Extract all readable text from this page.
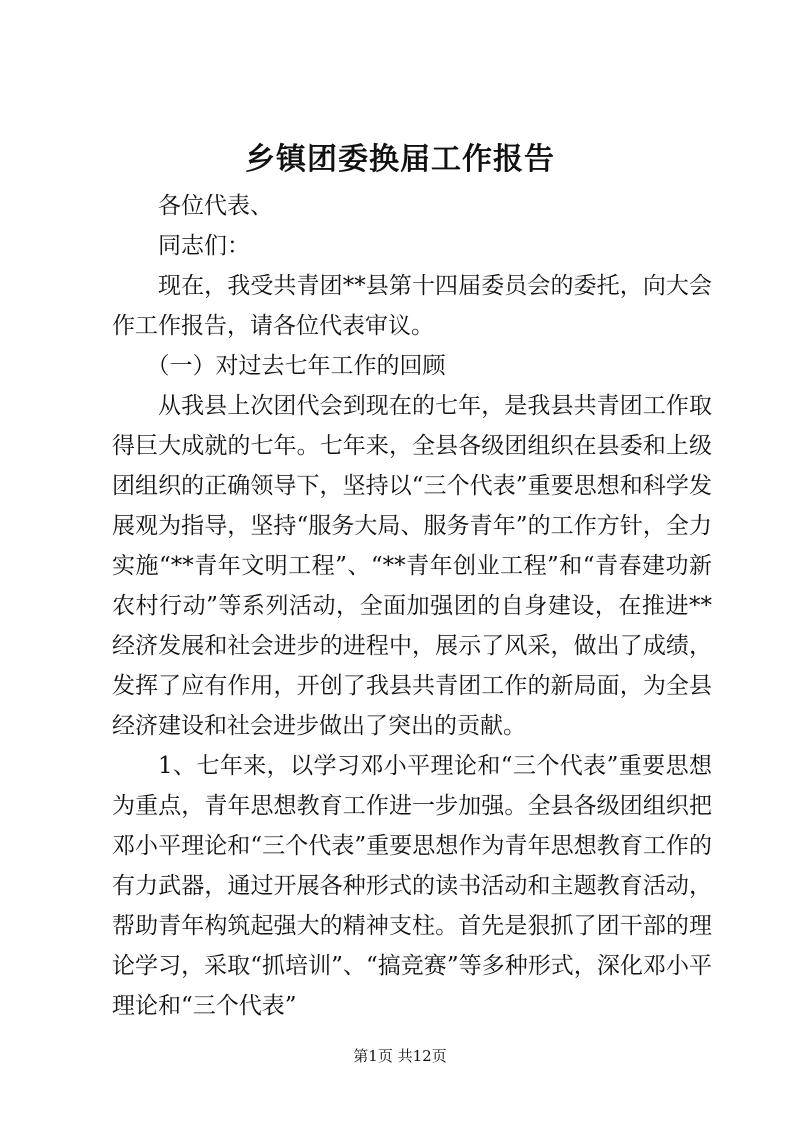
乡镇团委换届工作报告

各位代表、

同志们：

现在，我受共青团**县第十四届委员会的委托，向大会作工作报告，请各位代表审议。

（一）对过去七年工作的回顾

从我县上次团代会到现在的七年，是我县共青团工作取得巨大成就的七年。七年来，全县各级团组织在县委和上级团组织的正确领导下，坚持以“三个代表”重要思想和科学发展观为指导，坚持“服务大局、服务青年”的工作方针，全力实施“**青年文明工程”、“**青年创业工程”和“青春建功新农村行动”等系列活动，全面加强团的自身建设，在推进**经济发展和社会进步的进程中，展示了风采，做出了成绩，发挥了应有作用，开创了我县共青团工作的新局面，为全县经济建设和社会进步做出了突出的贡献。

1、七年来，以学习邓小平理论和“三个代表”重要思想为重点，青年思想教育工作进一步加强。全县各级团组织把邓小平理论和“三个代表”重要思想作为青年思想教育工作的有力武器，通过开展各种形式的读书活动和主题教育活动，帮助青年构筑起强大的精神支柱。首先是狠抓了团干部的理论学习，采取“抓培训”、“搞竞赛”等多种形式，深化邓小平理论和“三个代表”

第1页 共12页
